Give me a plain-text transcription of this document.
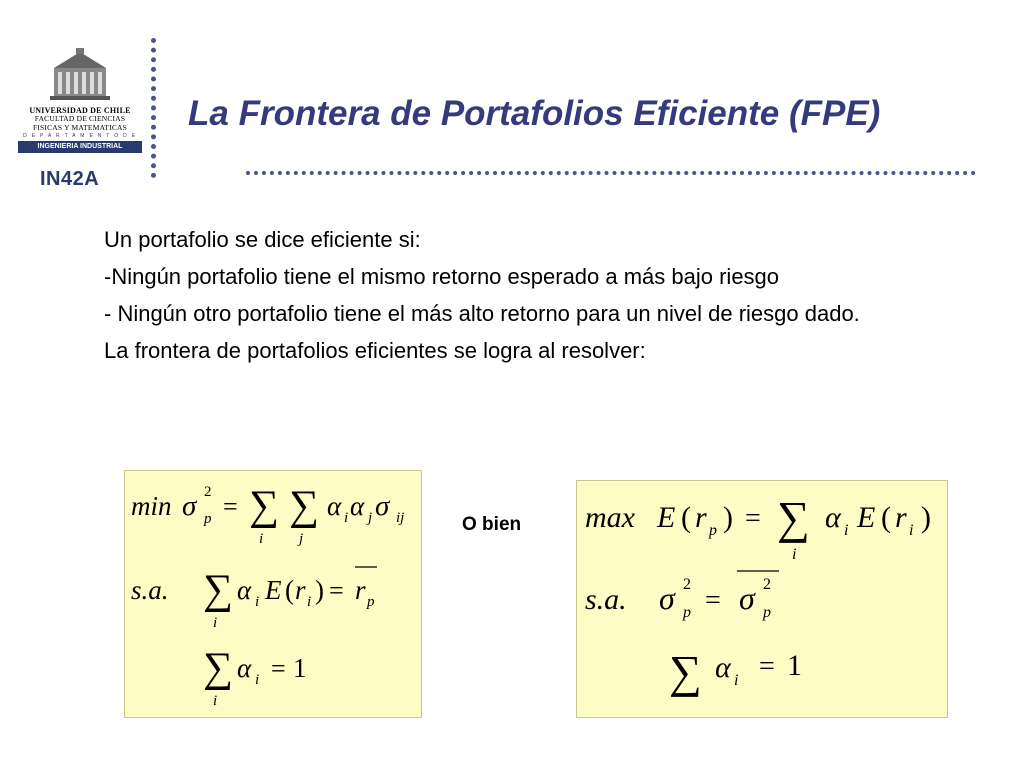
UNIVERSIDAD DE CHILE
FACULTAD DE CIENCIAS
FISICAS Y MATEMATICAS
D E P A R T A M E N T O D E
INGENIERIA INDUSTRIAL
IN42A
La Frontera de Portafolios Eficiente (FPE)

Un portafolio se dice eficiente si:

-Ningún portafolio tiene el mismo retorno esperado a más bajo riesgo

- Ningún otro portafolio tiene el más alto retorno para un nivel de riesgo dado.

La frontera de portafolios eficientes se logra al resolver:

min σ 2
p = ∑
i
∑
j
α i α j σ ij
s.a. ∑
i
α i E ( r i ) = r p
∑
i
α i = 1

O bien max E ( r p ) = ∑
i
α i E ( r i )
s.a. σ 2
p = σ 2
p
∑ α i = 1
